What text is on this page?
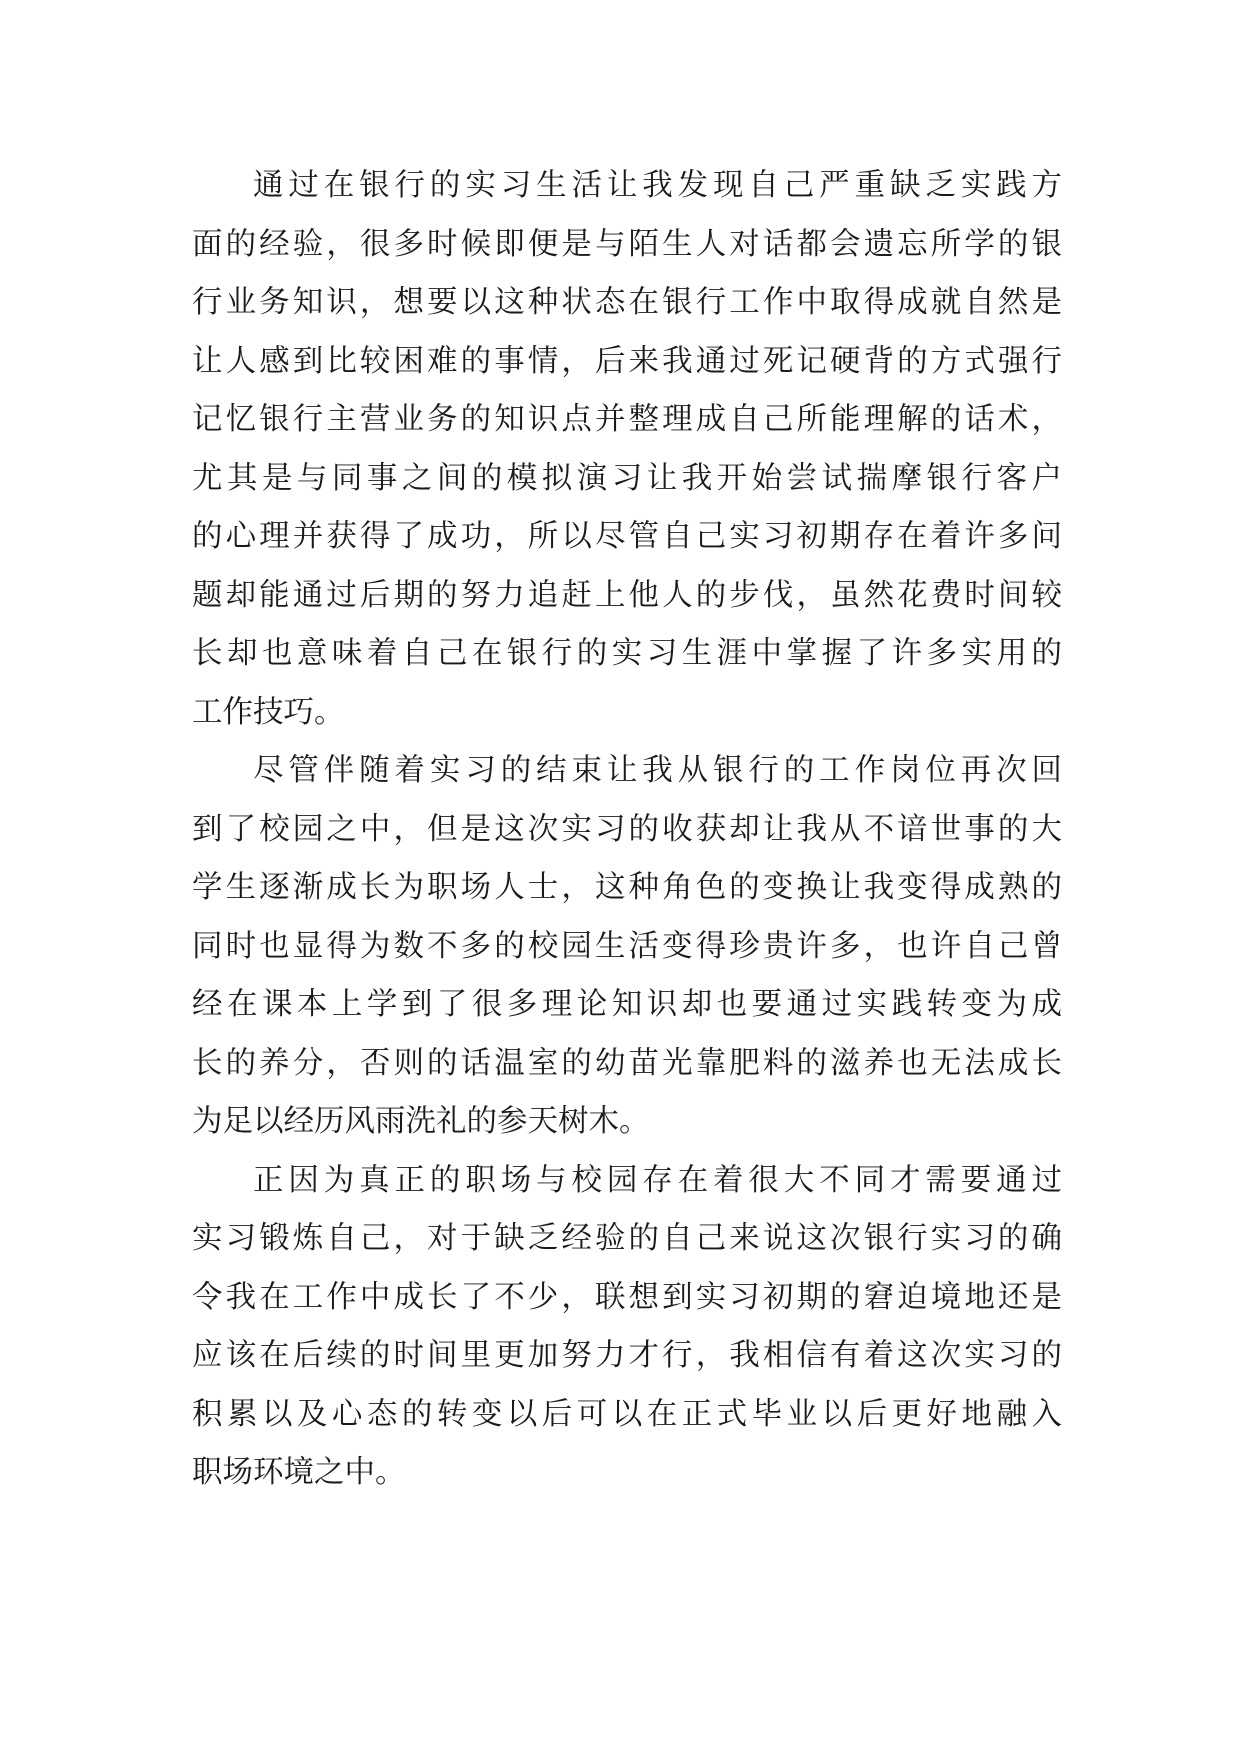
通过在银行的实习生活让我发现自己严重缺乏实践方
面的经验，很多时候即便是与陌生人对话都会遗忘所学的银
行业务知识，想要以这种状态在银行工作中取得成就自然是
让人感到比较困难的事情，后来我通过死记硬背的方式强行
记忆银行主营业务的知识点并整理成自己所能理解的话术，
尤其是与同事之间的模拟演习让我开始尝试揣摩银行客户
的心理并获得了成功，所以尽管自己实习初期存在着许多问
题却能通过后期的努力追赶上他人的步伐，虽然花费时间较
长却也意味着自己在银行的实习生涯中掌握了许多实用的
工作技巧。
尽管伴随着实习的结束让我从银行的工作岗位再次回
到了校园之中，但是这次实习的收获却让我从不谙世事的大
学生逐渐成长为职场人士，这种角色的变换让我变得成熟的
同时也显得为数不多的校园生活变得珍贵许多，也许自己曾
经在课本上学到了很多理论知识却也要通过实践转变为成
长的养分，否则的话温室的幼苗光靠肥料的滋养也无法成长
为足以经历风雨洗礼的参天树木。
正因为真正的职场与校园存在着很大不同才需要通过
实习锻炼自己，对于缺乏经验的自己来说这次银行实习的确
令我在工作中成长了不少，联想到实习初期的窘迫境地还是
应该在后续的时间里更加努力才行，我相信有着这次实习的
积累以及心态的转变以后可以在正式毕业以后更好地融入
职场环境之中。
